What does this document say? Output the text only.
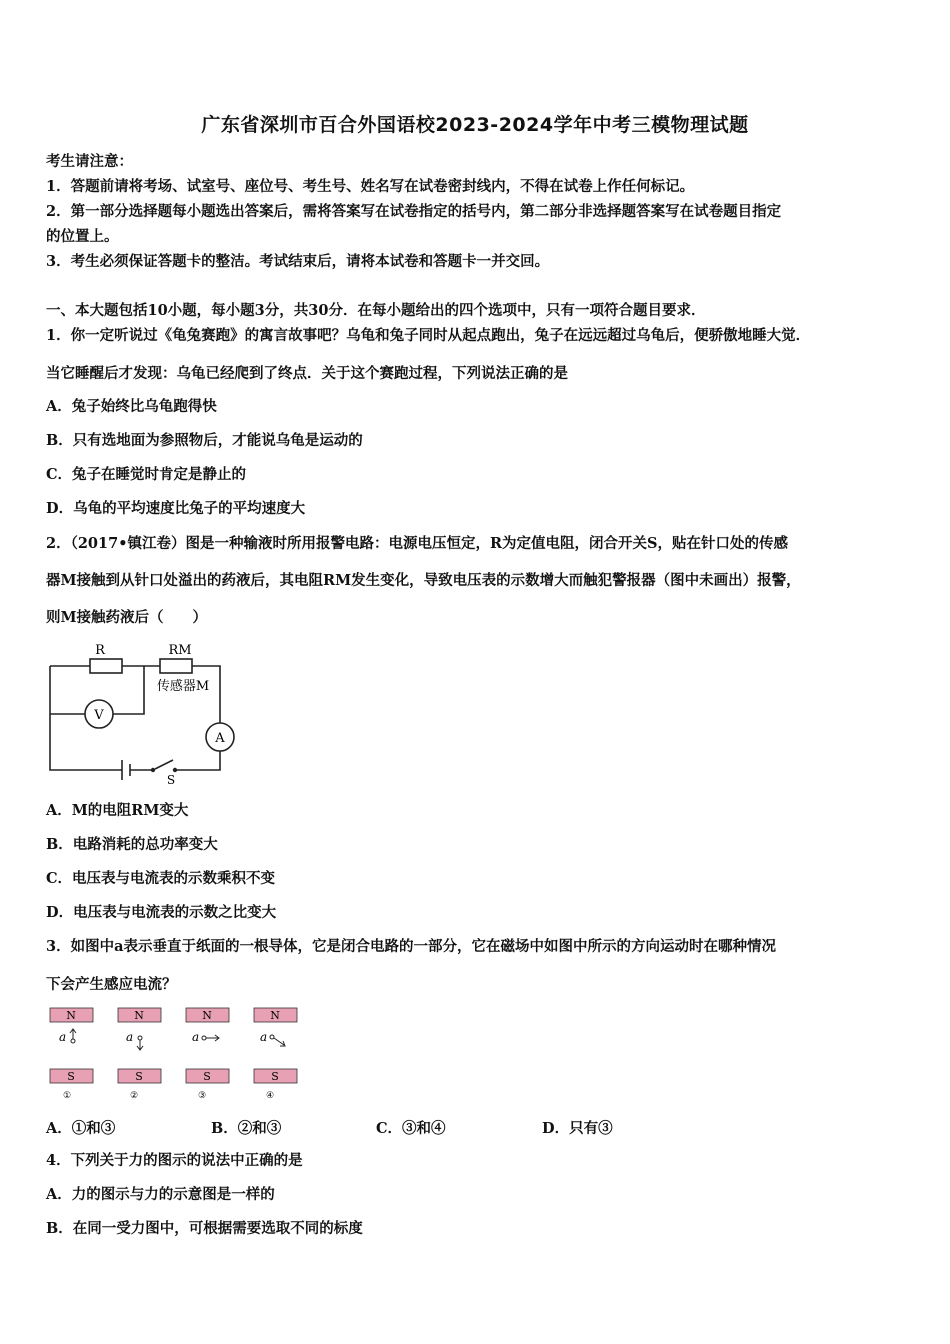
广东省深圳市百合外国语校2023-2024学年中考三模物理试题
考生请注意：
1．答题前请将考场、试室号、座位号、考生号、姓名写在试卷密封线内，不得在试卷上作任何标记。
2．第一部分选择题每小题选出答案后，需将答案写在试卷指定的括号内，第二部分非选择题答案写在试卷题目指定
的位置上。
3．考生必须保证答题卡的整洁。考试结束后，请将本试卷和答题卡一并交回。
一、本大题包括10小题，每小题3分，共30分．在每小题给出的四个选项中，只有一项符合题目要求．
1．你一定听说过《龟兔赛跑》的寓言故事吧？乌龟和兔子同时从起点跑出，兔子在远远超过乌龟后，便骄傲地睡大觉．
当它睡醒后才发现：乌龟已经爬到了终点．关于这个赛跑过程，下列说法正确的是
A．兔子始终比乌龟跑得快
B．只有选地面为参照物后，才能说乌龟是运动的
C．兔子在睡觉时肯定是静止的
D．乌龟的平均速度比兔子的平均速度大
2．（2017•镇江卷）图是一种输液时所用报警电路：电源电压恒定，R为定值电阻，闭合开关S，贴在针口处的传感
器M接触到从针口处溢出的药液后，其电阻RM发生变化，导致电压表的示数增大而触犯警报器（图中未画出）报警，
则M接触药液后（　　）
R	RM
传感器M
V
A
S
A．M的电阻RM变大
B．电路消耗的总功率变大
C．电压表与电流表的示数乘积不变
D．电压表与电流表的示数之比变大
3．如图中a表示垂直于纸面的一根导体，它是闭合电路的一部分，它在磁场中如图中所示的方向运动时在哪种情况
下会产生感应电流？
N
a
S
①
N
a
S
②
N
a
S
③
N
a
S
④
A．①和③	B．②和③	C．③和④	D．只有③
4．下列关于力的图示的说法中正确的是
A．力的图示与力的示意图是一样的
B．在同一受力图中，可根据需要选取不同的标度
